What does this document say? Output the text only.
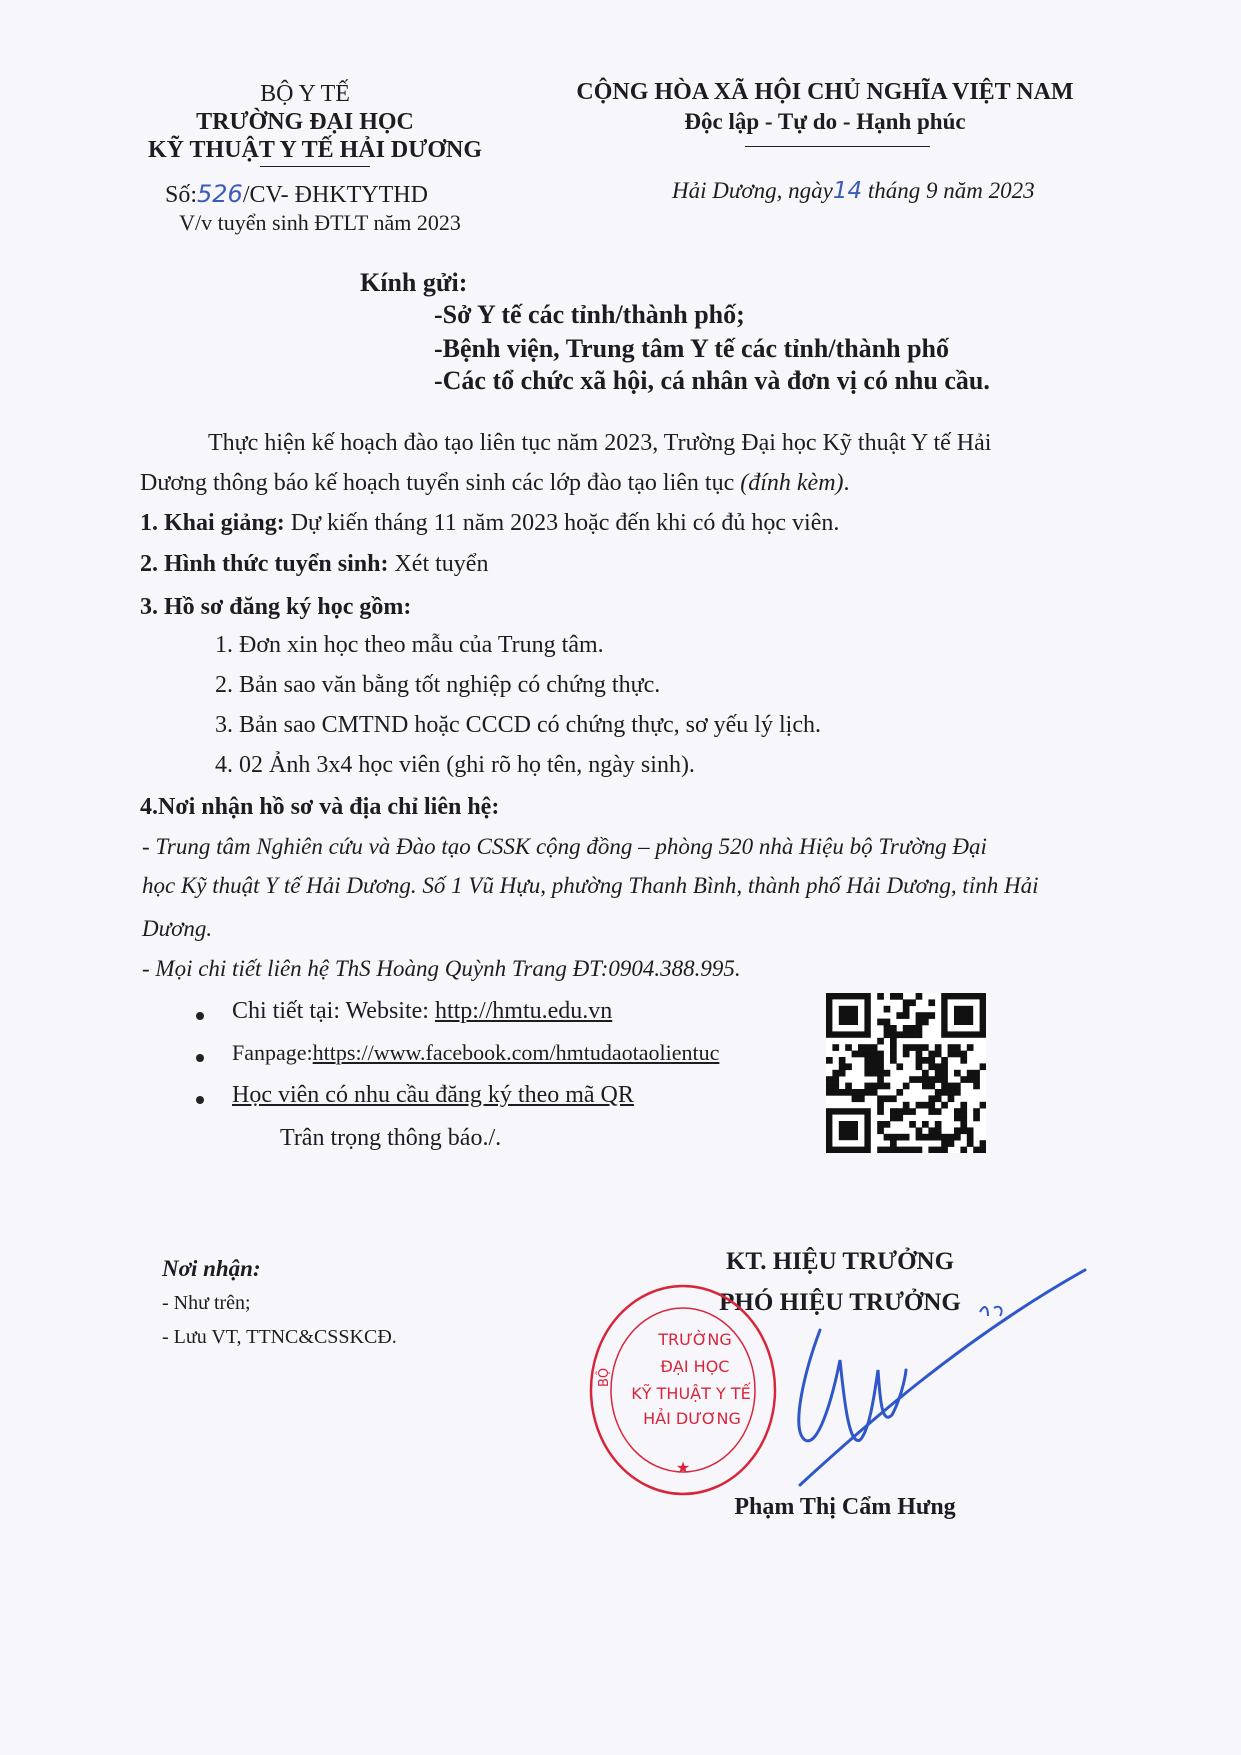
BỘ Y TẾ
TRƯỜNG ĐẠI HỌC
KỸ THUẬT Y TẾ HẢI DƯƠNG
Số:526/CV- ĐHKTYTHD
V/v tuyển sinh ĐTLT năm 2023
CỘNG HÒA XÃ HỘI CHỦ NGHĨA VIỆT NAM
Độc lập - Tự do - Hạnh phúc
Hải Dương, ngày14 tháng 9 năm 2023
Kính gửi:
-Sở Y tế các tỉnh/thành phố;
-Bệnh viện, Trung tâm Y tế các tỉnh/thành phố
-Các tổ chức xã hội, cá nhân và đơn vị có nhu cầu.
Thực hiện kế hoạch đào tạo liên tục năm 2023, Trường Đại học Kỹ thuật Y tế Hải
Dương thông báo kế hoạch tuyển sinh các lớp đào tạo liên tục (đính kèm).
1. Khai giảng: Dự kiến tháng 11 năm 2023 hoặc đến khi có đủ học viên.
2. Hình thức tuyển sinh: Xét tuyển
3. Hồ sơ đăng ký học gồm:
1. Đơn xin học theo mẫu của Trung tâm.
2. Bản sao văn bằng tốt nghiệp có chứng thực.
3. Bản sao CMTND hoặc CCCD có chứng thực, sơ yếu lý lịch.
4. 02 Ảnh 3x4 học viên (ghi rõ họ tên, ngày sinh).
4.Nơi nhận hồ sơ và địa chỉ liên hệ:
- Trung tâm Nghiên cứu và Đào tạo CSSK cộng đồng – phòng 520 nhà Hiệu bộ Trường Đại
học Kỹ thuật Y tế Hải Dương. Số 1 Vũ Hựu, phường Thanh Bình, thành phố Hải Dương, tỉnh Hải
Dương.
- Mọi chi tiết liên hệ ThS Hoàng Quỳnh Trang ĐT:0904.388.995.
Chi tiết tại: Website: http://hmtu.edu.vn
Fanpage:https://www.facebook.com/hmtudaotaolientuc
Học viên có nhu cầu đăng ký theo mã QR
Trân trọng thông báo./.
Nơi nhận:
- Như trên;
- Lưu VT, TTNC&CSSKCĐ.
KT. HIỆU TRƯỞNG
PHÓ HIỆU TRƯỞNG
BỘ
TRƯỜNG
ĐẠI HỌC
KỸ THUẬT Y TẾ
HẢI DƯƠNG
★
Phạm Thị Cẩm Hưng
